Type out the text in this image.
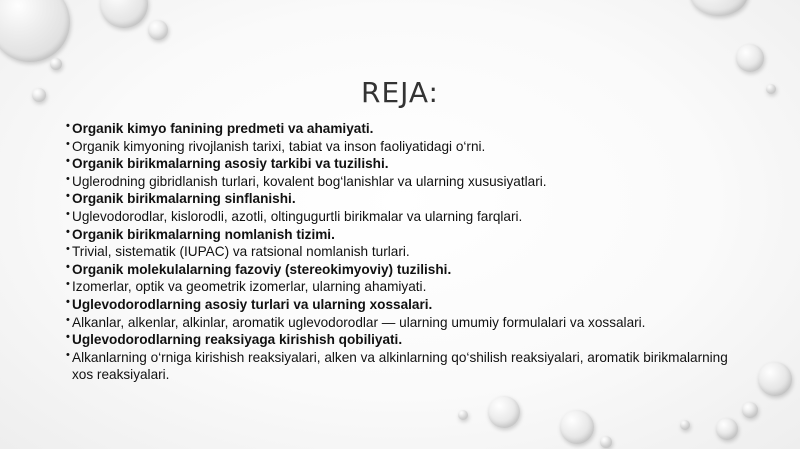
REJA:
• Organik kimyo fanining predmeti va ahamiyati.
• Organik kimyoning rivojlanish tarixi, tabiat va inson faoliyatidagi o‘rni.
• Organik birikmalarning asosiy tarkibi va tuzilishi.
• Uglerodning gibridlanish turlari, kovalent bog‘lanishlar va ularning xususiyatlari.
• Organik birikmalarning sinflanishi.
• Uglevodorodlar, kislorodli, azotli, oltingugurtli birikmalar va ularning farqlari.
• Organik birikmalarning nomlanish tizimi.
• Trivial, sistematik (IUPAC) va ratsional nomlanish turlari.
• Organik molekulalarning fazoviy (stereokimyoviy) tuzilishi.
• Izomerlar, optik va geometrik izomerlar, ularning ahamiyati.
• Uglevodorodlarning asosiy turlari va ularning xossalari.
• Alkanlar, alkenlar, alkinlar, aromatik uglevodorodlar — ularning umumiy formulalari va xossalari.
• Uglevodorodlarning reaksiyaga kirishish qobiliyati.
• Alkanlarning o‘rniga kirishish reaksiyalari, alken va alkinlarning qo‘shilish reaksiyalari, aromatik birikmalarning xos reaksiyalari.
